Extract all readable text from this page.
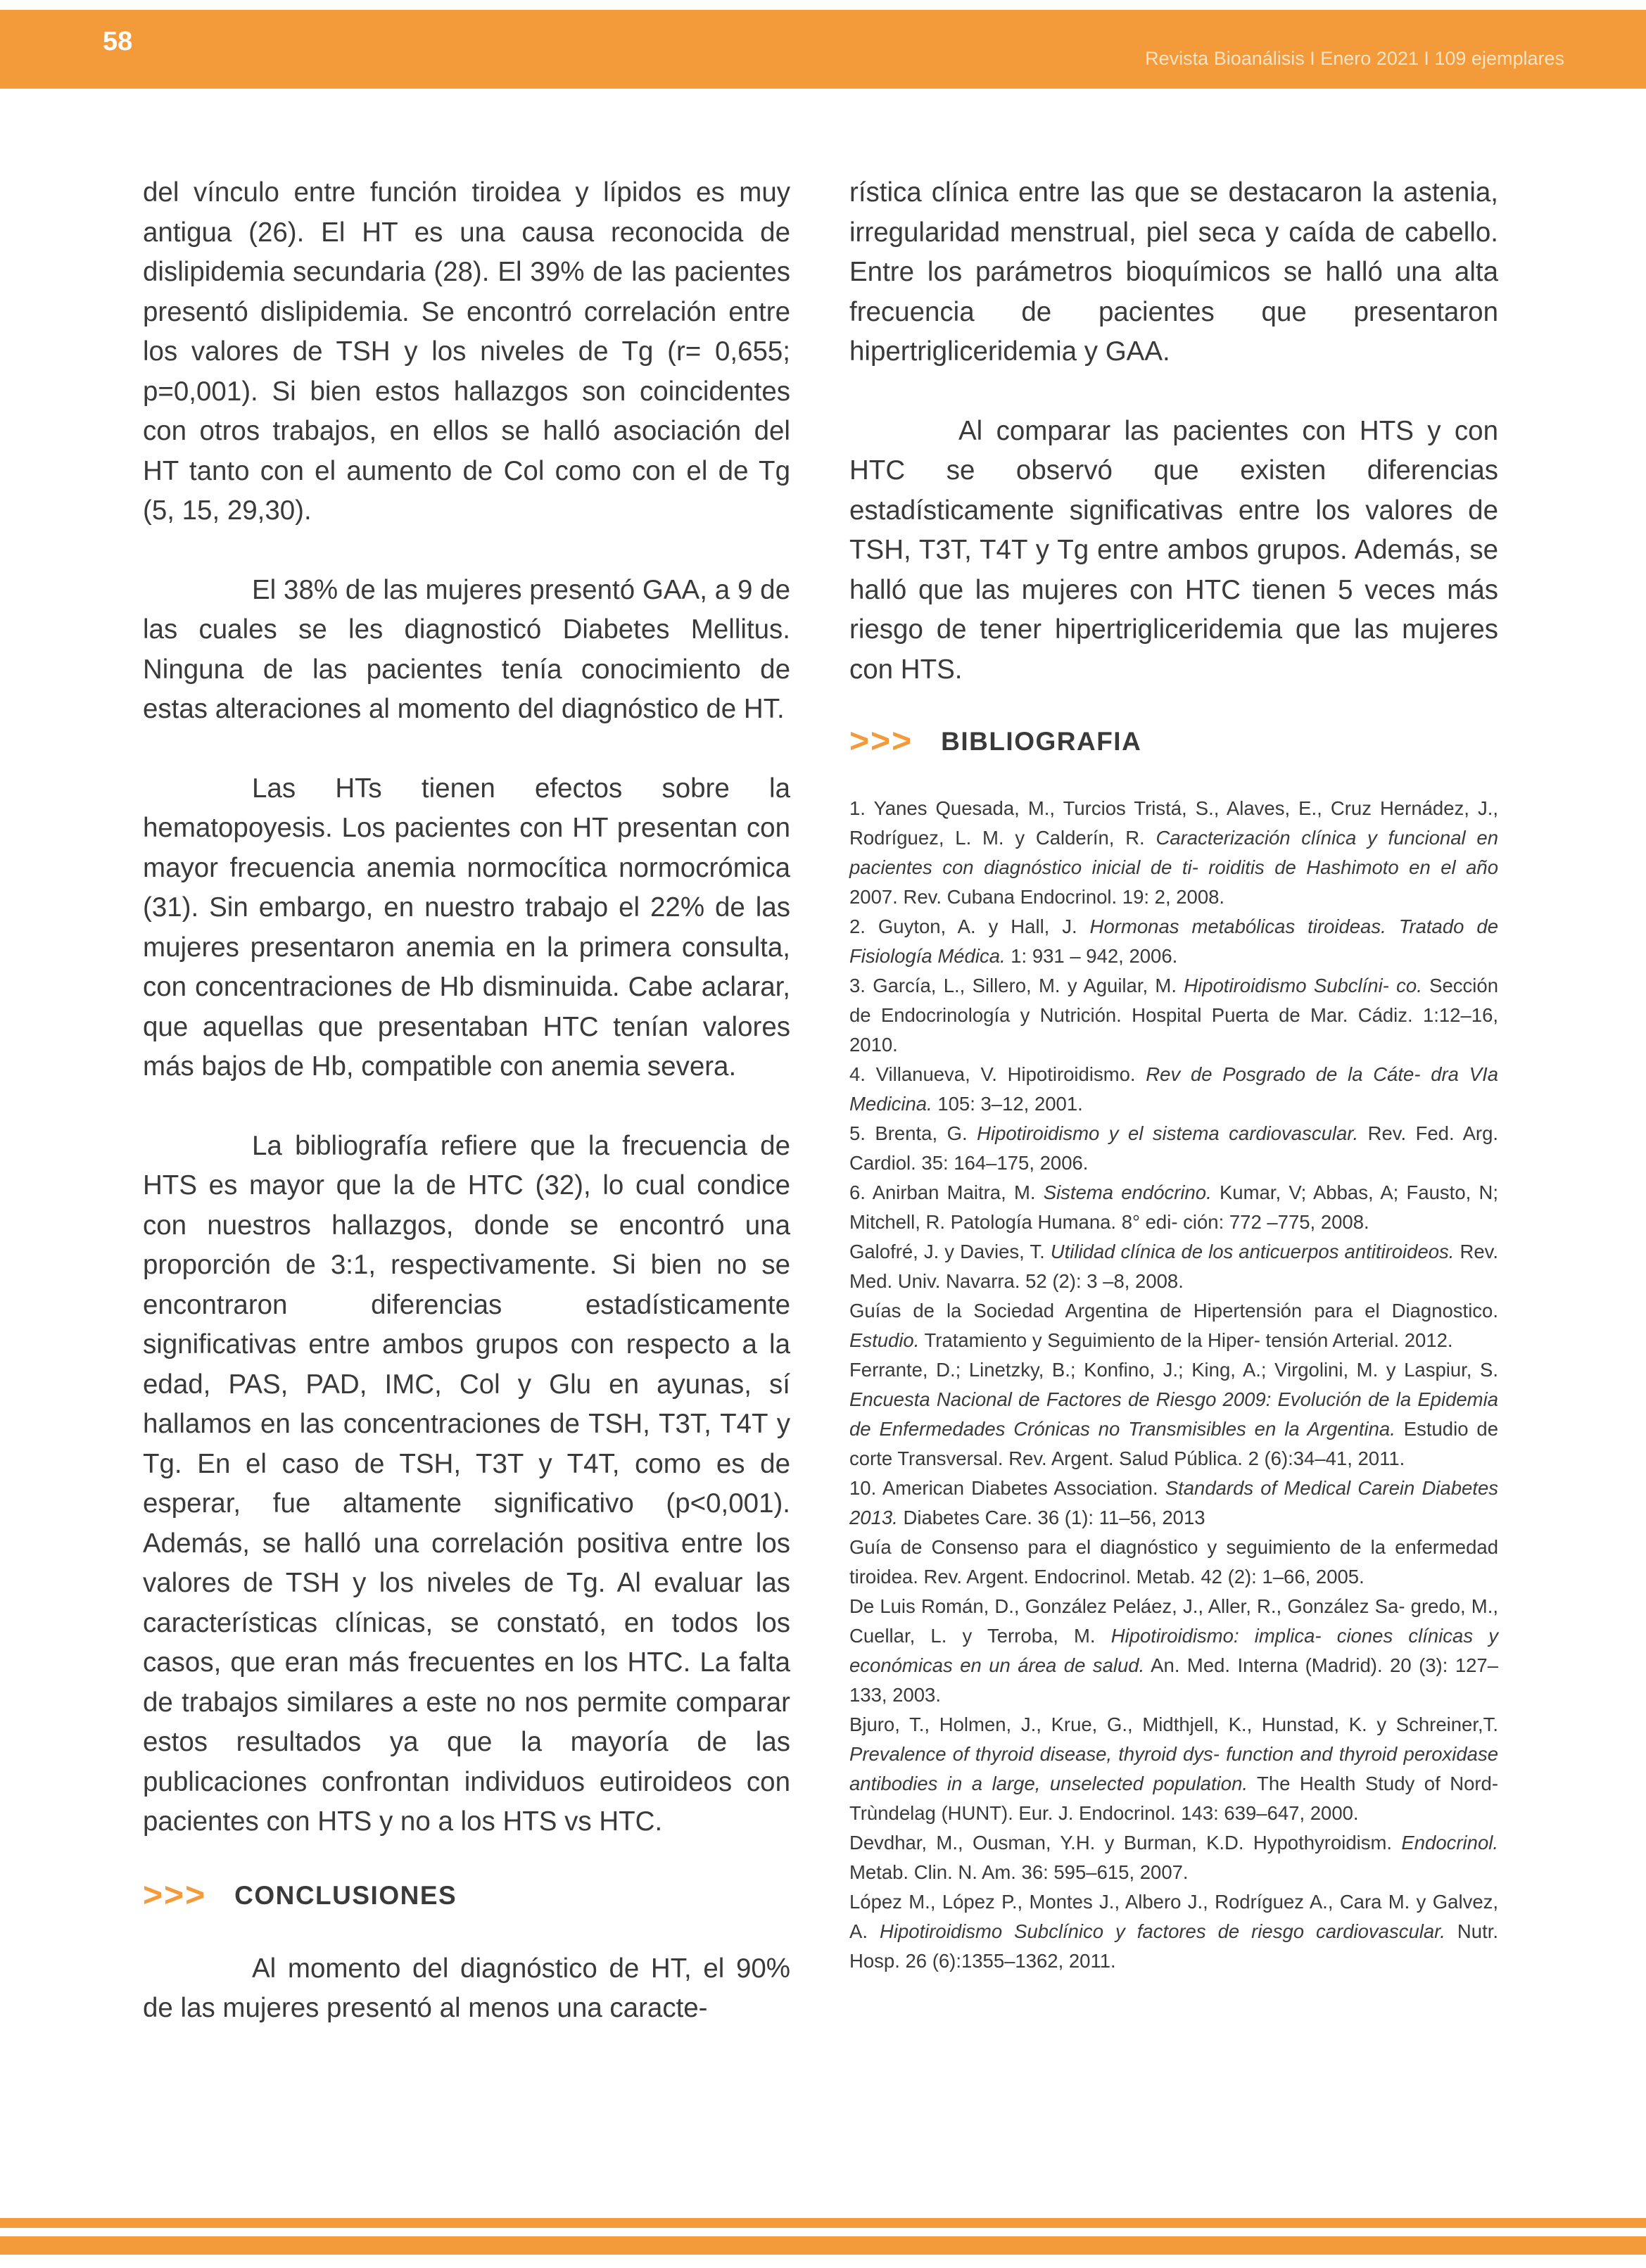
58
Revista Bioanálisis I Enero 2021 I 109 ejemplares

del vínculo entre función tiroidea y lípidos es muy antigua (26). El HT es una causa reconocida de dislipidemia secundaria (28). El 39% de las pacientes presentó dislipidemia. Se encontró correlación entre los valores de TSH y los niveles de Tg (r= 0,655; p=0,001). Si bien estos hallazgos son coincidentes con otros trabajos, en ellos se halló asociación del HT tanto con el aumento de Col como con el de Tg (5, 15, 29,30).

El 38% de las mujeres presentó GAA, a 9 de las cuales se les diagnosticó Diabetes Mellitus. Ninguna de las pacientes tenía conocimiento de estas alteraciones al momento del diagnóstico de HT.

Las HTs tienen efectos sobre la hematopoyesis. Los pacientes con HT presentan con mayor frecuencia anemia normocítica normocrómica (31). Sin embargo, en nuestro trabajo el 22% de las mujeres presentaron anemia en la primera consulta, con concentraciones de Hb disminuida. Cabe aclarar, que aquellas que presentaban HTC tenían valores más bajos de Hb, compatible con anemia severa.

La bibliografía refiere que la frecuencia de HTS es mayor que la de HTC (32), lo cual condice con nuestros hallazgos, donde se encontró una proporción de 3:1, respectivamente. Si bien no se encontraron diferencias estadísticamente significativas entre ambos grupos con respecto a la edad, PAS, PAD, IMC, Col y Glu en ayunas, sí hallamos en las concentraciones de TSH, T3T, T4T y Tg. En el caso de TSH, T3T y T4T, como es de esperar, fue altamente significativo (p<0,001). Además, se halló una correlación positiva entre los valores de TSH y los niveles de Tg. Al evaluar las características clínicas, se constató, en todos los casos, que eran más frecuentes en los HTC. La falta de trabajos similares a este no nos permite comparar estos resultados ya que la mayoría de las publicaciones confrontan individuos eutiroideos con pacientes con HTS y no a los HTS vs HTC.

>>> CONCLUSIONES

Al momento del diagnóstico de HT, el 90% de las mujeres presentó al menos una caracte-

rística clínica entre las que se destacaron la astenia, irregularidad menstrual, piel seca y caída de cabello. Entre los parámetros bioquímicos se halló una alta frecuencia de pacientes que presentaron hipertrigliceridemia y GAA.

Al comparar las pacientes con HTS y con HTC se observó que existen diferencias estadísticamente significativas entre los valores de TSH, T3T, T4T y Tg entre ambos grupos. Además, se halló que las mujeres con HTC tienen 5 veces más riesgo de tener hipertrigliceridemia que las mujeres con HTS.

>>> BIBLIOGRAFIA

1. Yanes Quesada, M., Turcios Tristá, S., Alaves, E., Cruz Hernádez, J., Rodríguez, L. M. y Calderín, R. Caracterización clínica y funcional en pacientes con diagnóstico inicial de ti- roiditis de Hashimoto en el año 2007. Rev. Cubana Endocrinol. 19: 2, 2008.

2. Guyton, A. y Hall, J. Hormonas metabólicas tiroideas. Tratado de Fisiología Médica. 1: 931 – 942, 2006.

3. García, L., Sillero, M. y Aguilar, M. Hipotiroidismo Subclíni- co. Sección de Endocrinología y Nutrición. Hospital Puerta de Mar. Cádiz. 1:12–16, 2010.

4. Villanueva, V. Hipotiroidismo. Rev de Posgrado de la Cáte- dra VIa Medicina. 105: 3–12, 2001.

5. Brenta, G. Hipotiroidismo y el sistema cardiovascular. Rev. Fed. Arg. Cardiol. 35: 164–175, 2006.

6. Anirban Maitra, M. Sistema endócrino. Kumar, V; Abbas, A; Fausto, N; Mitchell, R. Patología Humana. 8° edi- ción: 772 –775, 2008.

Galofré, J. y Davies, T. Utilidad clínica de los anticuerpos antitiroideos. Rev. Med. Univ. Navarra. 52 (2): 3 –8, 2008.

Guías de la Sociedad Argentina de Hipertensión para el Diagnostico. Estudio. Tratamiento y Seguimiento de la Hiper- tensión Arterial. 2012.

Ferrante, D.; Linetzky, B.; Konfino, J.; King, A.; Virgolini, M. y Laspiur, S. Encuesta Nacional de Factores de Riesgo 2009: Evolución de la Epidemia de Enfermedades Crónicas no Transmisibles en la Argentina. Estudio de corte Transversal. Rev. Argent. Salud Pública. 2 (6):34–41, 2011.

10. American Diabetes Association. Standards of Medical Carein Diabetes 2013. Diabetes Care. 36 (1): 11–56, 2013

Guía de Consenso para el diagnóstico y seguimiento de la enfermedad tiroidea. Rev. Argent. Endocrinol. Metab. 42 (2): 1–66, 2005.

De Luis Román, D., González Peláez, J., Aller, R., González Sa- gredo, M., Cuellar, L. y Terroba, M. Hipotiroidismo: implica- ciones clínicas y económicas en un área de salud. An. Med. Interna (Madrid). 20 (3): 127–133, 2003.

Bjuro, T., Holmen, J., Krue, G., Midthjell, K., Hunstad, K. y Schreiner,T. Prevalence of thyroid disease, thyroid dys- function and thyroid peroxidase antibodies in a large, unselected population. The Health Study of Nord- Trùndelag (HUNT). Eur. J. Endocrinol. 143: 639–647, 2000.

Devdhar, M., Ousman, Y.H. y Burman, K.D. Hypothyroidism. Endocrinol. Metab. Clin. N. Am. 36: 595–615, 2007.

López M., López P., Montes J., Albero J., Rodríguez A., Cara M. y Galvez, A. Hipotiroidismo Subclínico y factores de riesgo cardiovascular. Nutr. Hosp. 26 (6):1355–1362, 2011.
